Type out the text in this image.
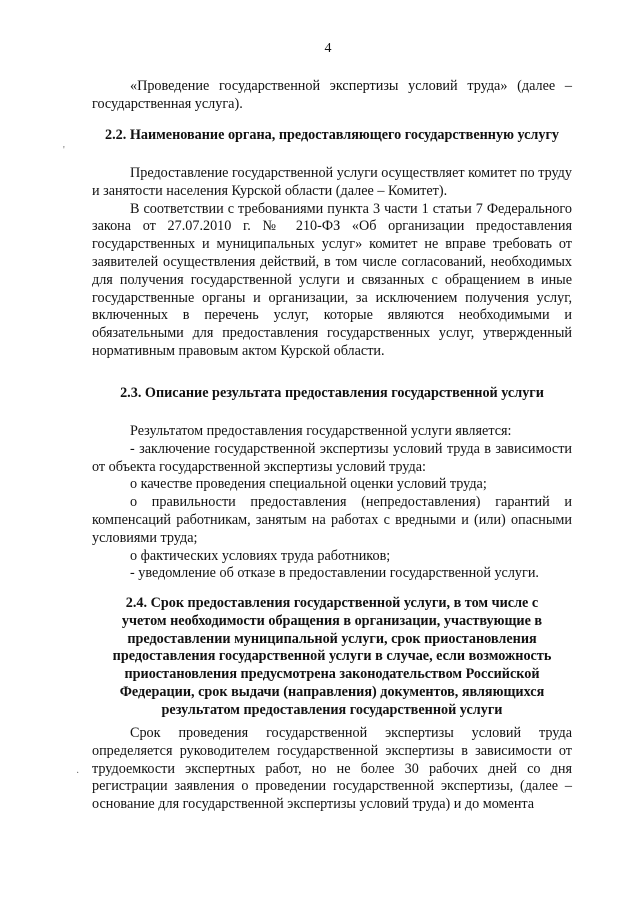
4
'
·

«Проведение государственной экспертизы условий труда» (далее – государственная услуга).

2.2. Наименование органа, предоставляющего государственную услугу

Предоставление государственной услуги осуществляет комитет по труду и занятости населения Курской области (далее – Комитет).
В соответствии с требованиями пункта 3 части 1 статьи 7 Федерального закона от 27.07.2010 г. № 210-ФЗ «Об организации предоставления государственных и муниципальных услуг» комитет не вправе требовать от заявителей осуществления действий, в том числе согласований, необходимых для получения государственной услуги и связанных с обращением в иные государственные органы и организации, за исключением получения услуг, включенных в перечень услуг, которые являются необходимыми и обязательными для предоставления государственных услуг, утвержденный нормативным правовым актом Курской области.

2.3. Описание результата предоставления государственной услуги

Результатом предоставления государственной услуги является:
- заключение государственной экспертизы условий труда в зависимости от объекта государственной экспертизы условий труда:
о качестве проведения специальной оценки условий труда;
о правильности предоставления (непредоставления) гарантий и компенсаций работникам, занятым на работах с вредными и (или) опасными условиями труда;
о фактических условиях труда работников;
- уведомление об отказе в предоставлении государственной услуги.

2.4. Срок предоставления государственной услуги, в том числе с
учетом необходимости обращения в организации, участвующие в
предоставлении муниципальной услуги, срок приостановления
предоставления государственной услуги в случае, если возможность
приостановления предусмотрена законодательством Российской
Федерации, срок выдачи (направления) документов, являющихся
результатом предоставления государственной услуги

Срок проведения государственной экспертизы условий труда определяется руководителем государственной экспертизы в зависимости от трудоемкости экспертных работ, но не более 30 рабочих дней со дня регистрации заявления о проведении государственной экспертизы, (далее – основание для государственной экспертизы условий труда) и до момента
